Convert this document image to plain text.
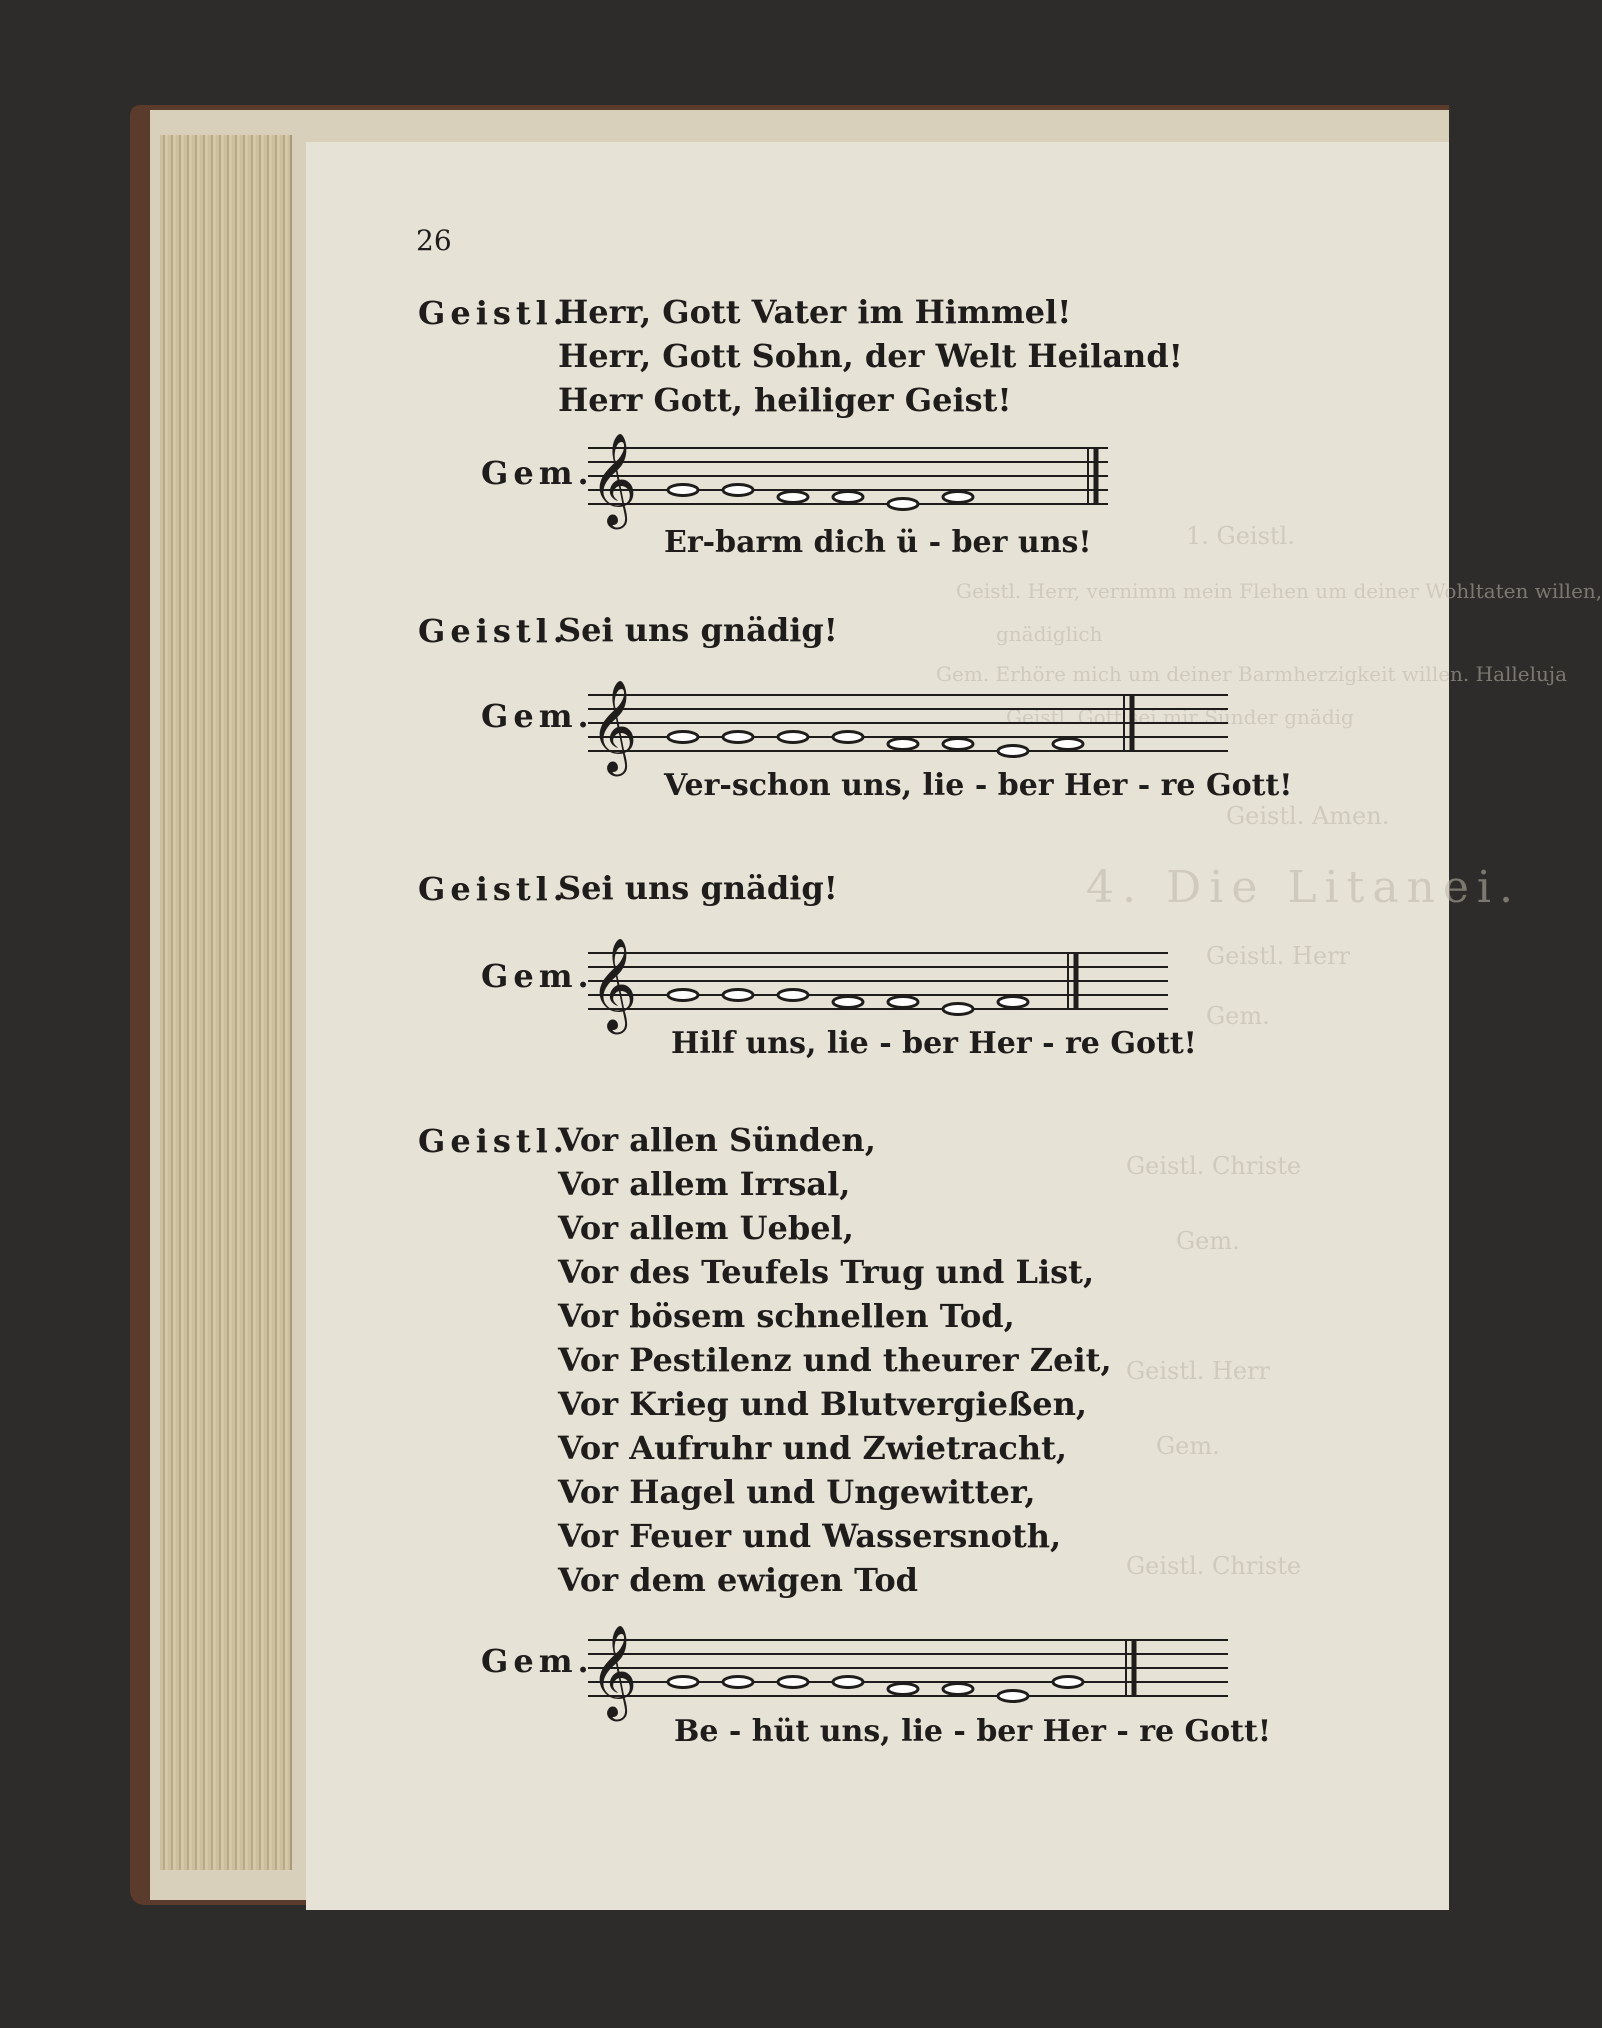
1. Geistl.
Geistl. Herr, vernimm mein Flehen um deiner Wohltaten willen,
gnädiglich
Gem. Erhöre mich um deiner Barmherzigkeit willen. Halleluja
Geistl. Gott sei mir Sünder gnädig
Geistl. Amen.
4. Die Litanei.
Geistl. Herr
Gem.
Geistl. Christe
Gem.
Geistl. Herr
Gem.
Geistl. Christe
26
Geistl.
Herr, Gott Vater im Himmel!
Herr, Gott Sohn, der Welt Heiland!
Herr Gott, heiliger Geist!
Gem.
𝄞
Er-barm dich ü - ber uns!
Geistl.
Sei uns gnädig!
Gem.
𝄞
Ver-schon uns, lie - ber Her - re Gott!
Geistl.
Sei uns gnädig!
Gem.
𝄞
Hilf uns, lie - ber Her - re Gott!
Geistl.
Vor allen Sünden,
Vor allem Irrsal,
Vor allem Uebel,
Vor des Teufels Trug und List,
Vor bösem schnellen Tod,
Vor Pestilenz und theurer Zeit,
Vor Krieg und Blutvergießen,
Vor Aufruhr und Zwietracht,
Vor Hagel und Ungewitter,
Vor Feuer und Wassersnoth,
Vor dem ewigen Tod
Gem.
𝄞
Be - hüt uns, lie - ber Her - re Gott!
